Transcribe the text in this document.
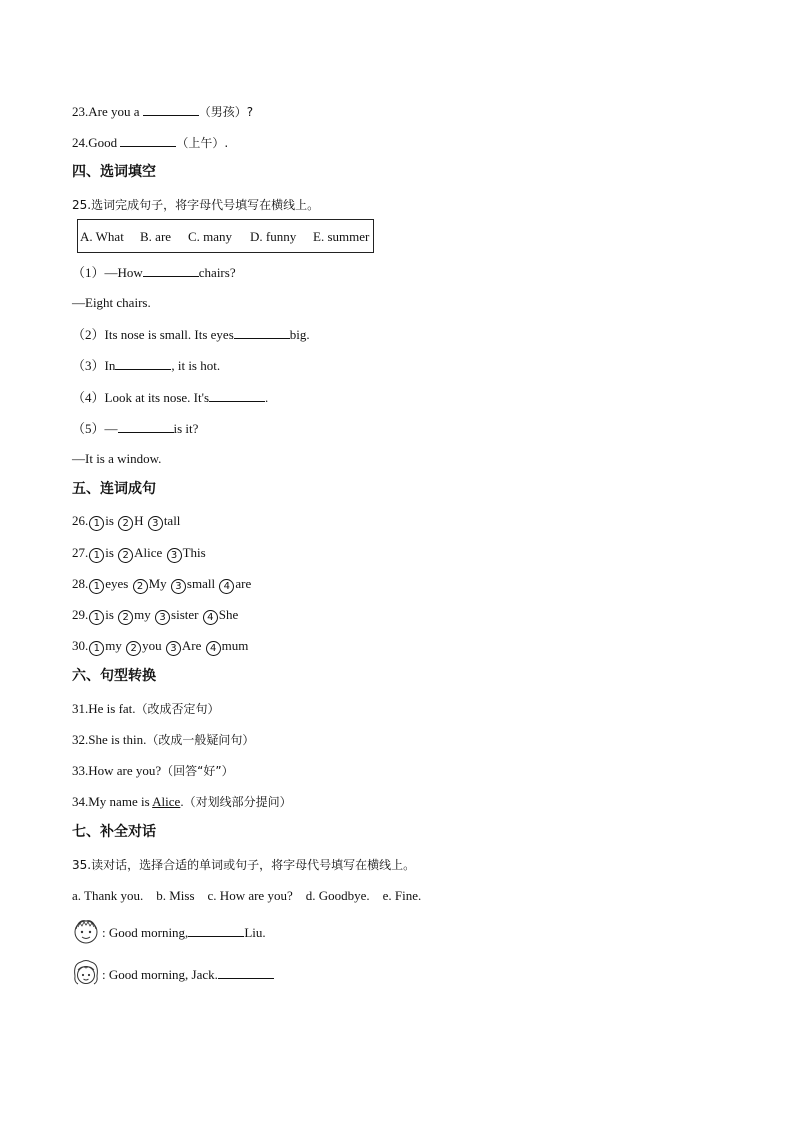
23.Are you a	（男孩）?
24.Good	（上午）.
四、选词填空
25.选词完成句子，将字母代号填写在横线上。
A. What B. are C. many D. funny E. summer
（1）—How	chairs?
—Eight chairs.
（2）Its nose is small. Its eyes	big.
（3）In	, it is hot.
（4）Look at its nose. It's	.
（5）—	is it?
—It is a window.
五、连词成句
26. 1 is 2 H 3 tall
27. 1 is 2 Alice 3 This
28. 1 eyes 2 My 3 small 4 are
29. 1 is 2 my 3 sister 4 She
30. 1 my 2 you 3 Are 4 mum
六、句型转换
31.He is fat.（改成否定句）
32.She is thin.（改成一般疑问句）
33.How are you?（回答“好”）
34.My name is Alice.（对划线部分提问）
七、补全对话
35.读对话，选择合适的单词或句子，将字母代号填写在横线上。
a. Thank you.    b. Miss    c. How are you?    d. Goodbye.    e. Fine.
: Good morning,	Liu.
: Good morning, Jack.
